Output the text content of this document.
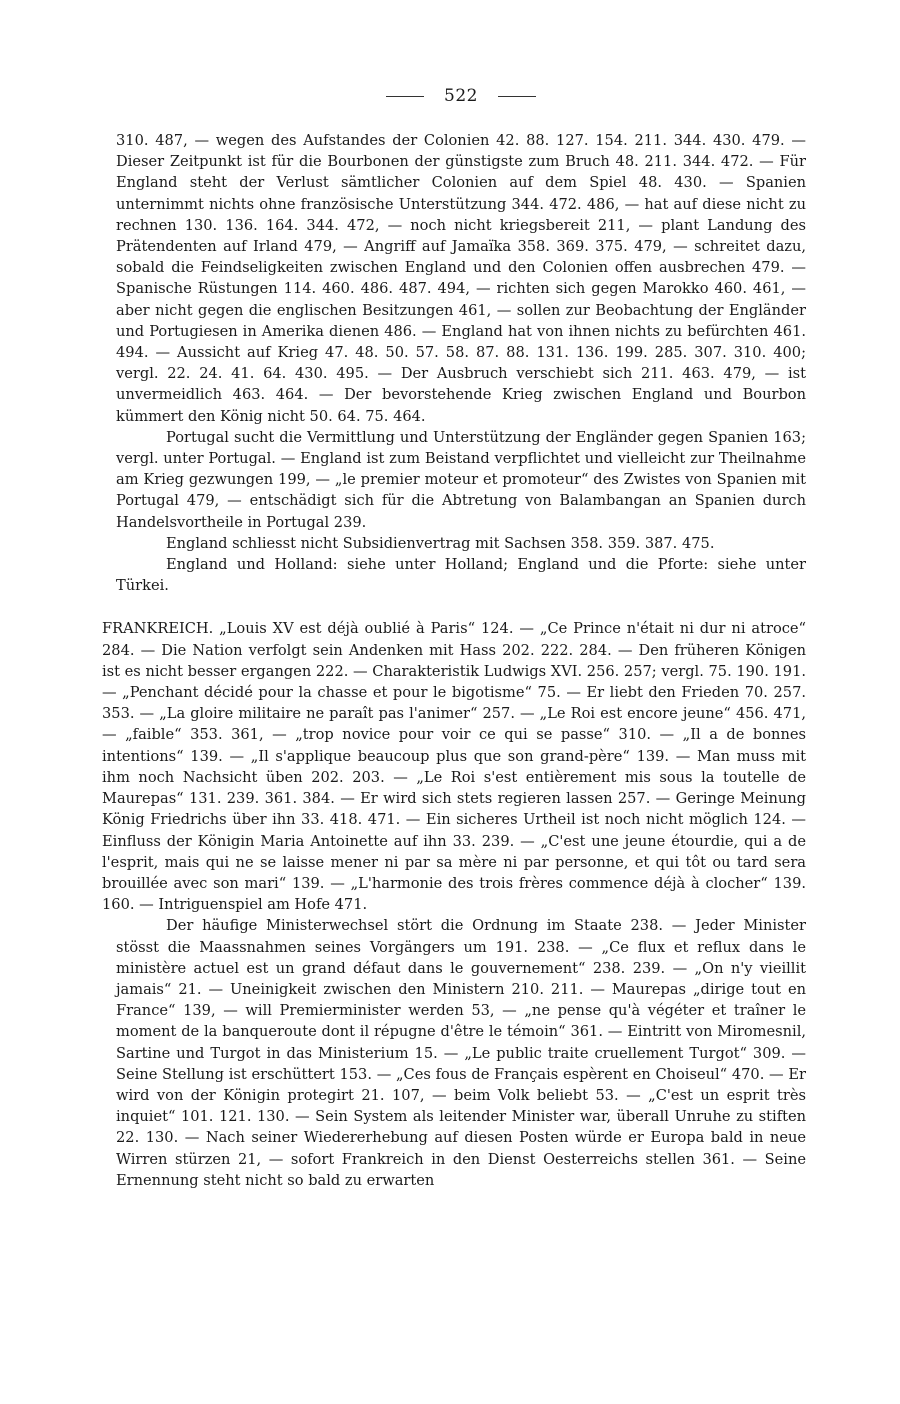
522

310. 487, — wegen des Aufstandes der Colonien 42. 88. 127. 154. 211. 344. 430. 479. — Dieser Zeitpunkt ist für die Bourbonen der günstigste zum Bruch 48. 211. 344. 472. — Für England steht der Verlust sämtlicher Colonien auf dem Spiel 48. 430. — Spanien unternimmt nichts ohne französische Unterstützung 344. 472. 486, — hat auf diese nicht zu rechnen 130. 136. 164. 344. 472, — noch nicht kriegsbereit 211, — plant Landung des Prätendenten auf Irland 479, — Angriff auf Jamaïka 358. 369. 375. 479, — schreitet dazu, sobald die Feindseligkeiten zwischen England und den Colonien offen ausbrechen 479. — Spanische Rüstungen 114. 460. 486. 487. 494, — richten sich gegen Marokko 460. 461, — aber nicht gegen die englischen Besitzungen 461, — sollen zur Beobachtung der Engländer und Portugiesen in Amerika dienen 486. — England hat von ihnen nichts zu befürchten 461. 494. — Aussicht auf Krieg 47. 48. 50. 57. 58. 87. 88. 131. 136. 199. 285. 307. 310. 400; vergl. 22. 24. 41. 64. 430. 495. — Der Ausbruch verschiebt sich 211. 463. 479, — ist unvermeidlich 463. 464. — Der bevorstehende Krieg zwischen England und Bourbon kümmert den König nicht 50. 64. 75. 464.

Portugal sucht die Vermittlung und Unterstützung der Engländer gegen Spanien 163; vergl. unter Portugal. — England ist zum Beistand verpflichtet und vielleicht zur Theilnahme am Krieg gezwungen 199, — „le premier moteur et promoteur“ des Zwistes von Spanien mit Portugal 479, — entschädigt sich für die Abtretung von Balambangan an Spanien durch Handelsvortheile in Portugal 239.

England schliesst nicht Subsidienvertrag mit Sachsen 358. 359. 387. 475.

England und Holland: siehe unter Holland; England und die Pforte: siehe unter Türkei.

FRANKREICH. „Louis XV est déjà oublié à Paris“ 124. — „Ce Prince n'était ni dur ni atroce“ 284. — Die Nation verfolgt sein Andenken mit Hass 202. 222. 284. — Den früheren Königen ist es nicht besser ergangen 222. — Charakteristik Ludwigs XVI. 256. 257; vergl. 75. 190. 191. — „Penchant décidé pour la chasse et pour le bigotisme“ 75. — Er liebt den Frieden 70. 257. 353. — „La gloire militaire ne paraît pas l'animer“ 257. — „Le Roi est encore jeune“ 456. 471, — „faible“ 353. 361, — „trop novice pour voir ce qui se passe“ 310. — „Il a de bonnes intentions“ 139. — „Il s'applique beaucoup plus que son grand-père“ 139. — Man muss mit ihm noch Nachsicht üben 202. 203. — „Le Roi s'est entièrement mis sous la toutelle de Maurepas“ 131. 239. 361. 384. — Er wird sich stets regieren lassen 257. — Geringe Meinung König Friedrichs über ihn 33. 418. 471. — Ein sicheres Urtheil ist noch nicht möglich 124. — Einfluss der Königin Maria Antoinette auf ihn 33. 239. — „C'est une jeune étourdie, qui a de l'esprit, mais qui ne se laisse mener ni par sa mère ni par personne, et qui tôt ou tard sera brouillée avec son mari“ 139. — „L'harmonie des trois frères commence déjà à clocher“ 139. 160. — Intriguenspiel am Hofe 471.

Der häufige Ministerwechsel stört die Ordnung im Staate 238. — Jeder Minister stösst die Maassnahmen seines Vorgängers um 191. 238. — „Ce flux et reflux dans le ministère actuel est un grand défaut dans le gouvernement“ 238. 239. — „On n'y vieillit jamais“ 21. — Uneinigkeit zwischen den Ministern 210. 211. — Maurepas „dirige tout en France“ 139, — will Premierminister werden 53, — „ne pense qu'à végéter et traîner le moment de la banqueroute dont il répugne d'être le témoin“ 361. — Eintritt von Miromesnil, Sartine und Turgot in das Ministerium 15. — „Le public traite cruellement Turgot“ 309. — Seine Stellung ist erschüttert 153. — „Ces fous de Français espèrent en Choiseul“ 470. — Er wird von der Königin protegirt 21. 107, — beim Volk beliebt 53. — „C'est un esprit très inquiet“ 101. 121. 130. — Sein System als leitender Minister war, überall Unruhe zu stiften 22. 130. — Nach seiner Wiedererhebung auf diesen Posten würde er Europa bald in neue Wirren stürzen 21, — sofort Frankreich in den Dienst Oesterreichs stellen 361. — Seine Ernennung steht nicht so bald zu erwarten
